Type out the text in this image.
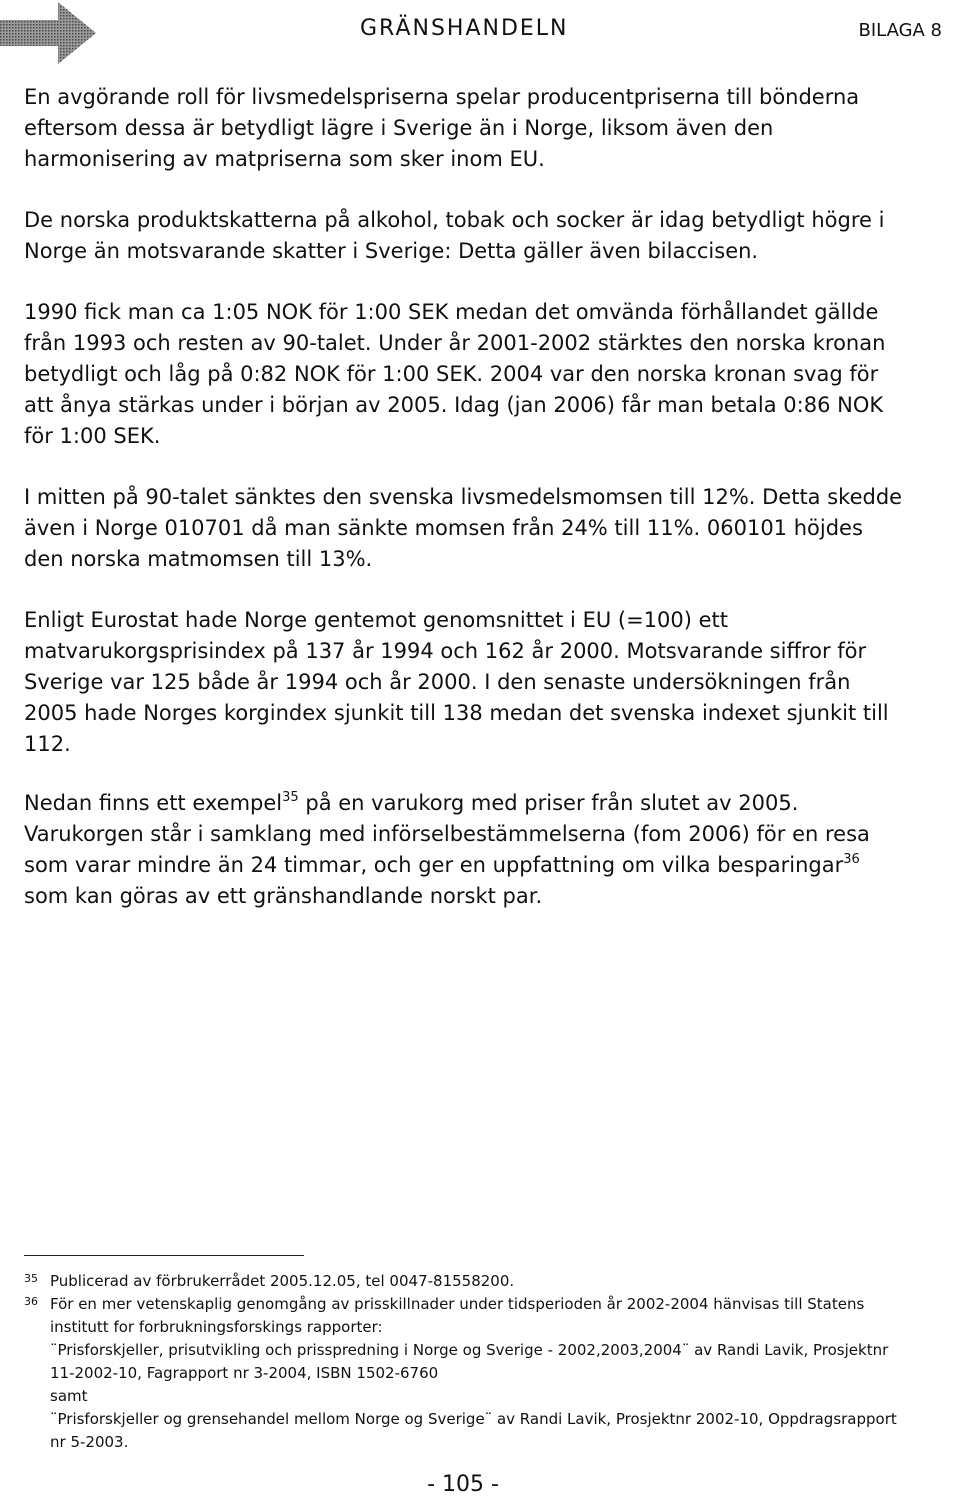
GRÄNSHANDELN	BILAGA 8

En avgörande roll för livsmedelspriserna spelar producentpriserna till bönderna eftersom dessa är betydligt lägre i Sverige än i Norge, liksom även den harmonisering av matpriserna som sker inom EU.

De norska produktskatterna på alkohol, tobak och socker är idag betydligt högre i Norge än motsvarande skatter i Sverige: Detta gäller även bilaccisen.

1990 fick man ca 1:05 NOK för 1:00 SEK medan det omvända förhållandet gällde från 1993 och resten av 90-talet. Under år 2001-2002 stärktes den norska kronan betydligt och låg på 0:82 NOK för 1:00 SEK. 2004 var den norska kronan svag för att ånya stärkas under i början av 2005. Idag (jan 2006) får man betala 0:86 NOK för 1:00 SEK.

I mitten på 90-talet sänktes den svenska livsmedelsmomsen till 12%. Detta skedde även i Norge 010701 då man sänkte momsen från 24% till 11%. 060101 höjdes den norska matmomsen till 13%.

Enligt Eurostat hade Norge gentemot genomsnittet i EU (=100) ett matvarukorgsprisindex på 137 år 1994 och 162 år 2000. Motsvarande siffror för Sverige var 125 både år 1994 och år 2000. I den senaste undersökningen från 2005 hade Norges korgindex sjunkit till 138 medan det svenska indexet sjunkit till 112.

Nedan finns ett exempel$^{35}$ på en varukorg med priser från slutet av 2005. Varukorgen står i samklang med införselbestämmelserna (fom 2006) för en resa som varar mindre än 24 timmar, och ger en uppfattning om vilka besparingar$^{36}$ som kan göras av ett gränshandlande norskt par.

35 Publicerad av förbrukerrådet 2005.12.05, tel 0047-81558200.
36 För en mer vetenskaplig genomgång av prisskillnader under tidsperioden år 2002-2004 hänvisas till Statens institutt for forbrukningsforskings rapporter:
¨Prisforskjeller, prisutvikling och prisspredning i Norge og Sverige - 2002,2003,2004¨ av Randi Lavik, Prosjektnr 11-2002-10, Fagrapport nr 3-2004, ISBN 1502-6760
samt
¨Prisforskjeller og grensehandel mellom Norge og Sverige¨ av Randi Lavik, Prosjektnr 2002-10, Oppdragsrapport nr 5-2003.
- 105 -
